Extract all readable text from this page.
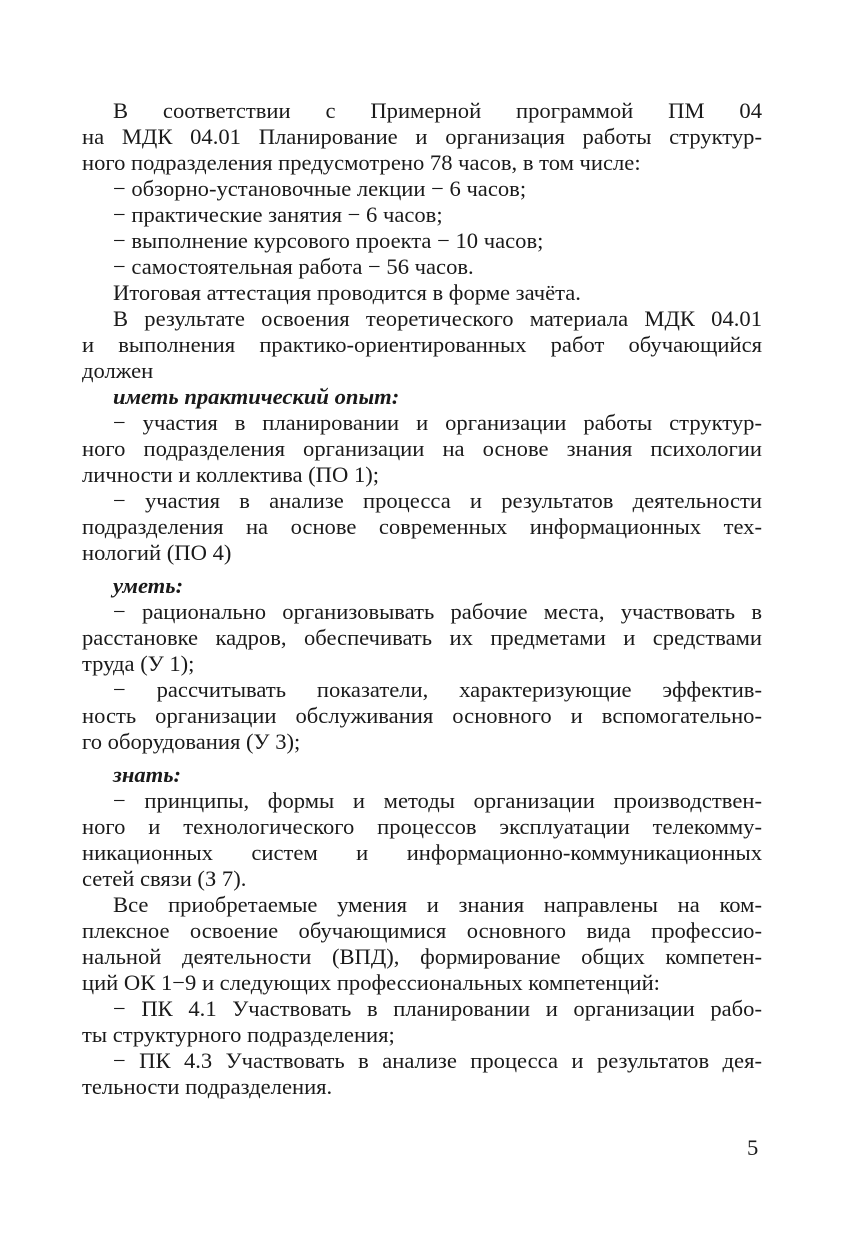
В соответствии с Примерной программой ПМ 04
на МДК 04.01 Планирование и организация работы структур-
ного подразделения предусмотрено 78 часов, в том числе:
− обзорно-установочные лекции − 6 часов;
− практические занятия − 6 часов;
− выполнение курсового проекта − 10 часов;
− самостоятельная работа − 56 часов.
Итоговая аттестация проводится в форме зачёта.
В результате освоения теоретического материала МДК 04.01
и выполнения практико-ориентированных работ обучающийся
должен
иметь практический опыт:
− участия в планировании и организации работы структур-
ного подразделения организации на основе знания психологии
личности и коллектива (ПО 1);
− участия в анализе процесса и результатов деятельности
подразделения на основе современных информационных тех-
нологий (ПО 4)
уметь:
− рационально организовывать рабочие места, участвовать в
расстановке кадров, обеспечивать их предметами и средствами
труда (У 1);
− рассчитывать показатели, характеризующие эффектив-
ность организации обслуживания основного и вспомогательно-
го оборудования (У 3);
знать:
− принципы, формы и методы организации производствен-
ного и технологического процессов эксплуатации телекомму-
никационных систем и информационно-коммуникационных
сетей связи (З 7).
Все приобретаемые умения и знания направлены на ком-
плексное освоение обучающимися основного вида профессио-
нальной деятельности (ВПД), формирование общих компетен-
ций ОК 1−9 и следующих профессиональных компетенций:
− ПК 4.1 Участвовать в планировании и организации рабо-
ты структурного подразделения;
− ПК 4.3 Участвовать в анализе процесса и результатов дея-
тельности подразделения.
5
